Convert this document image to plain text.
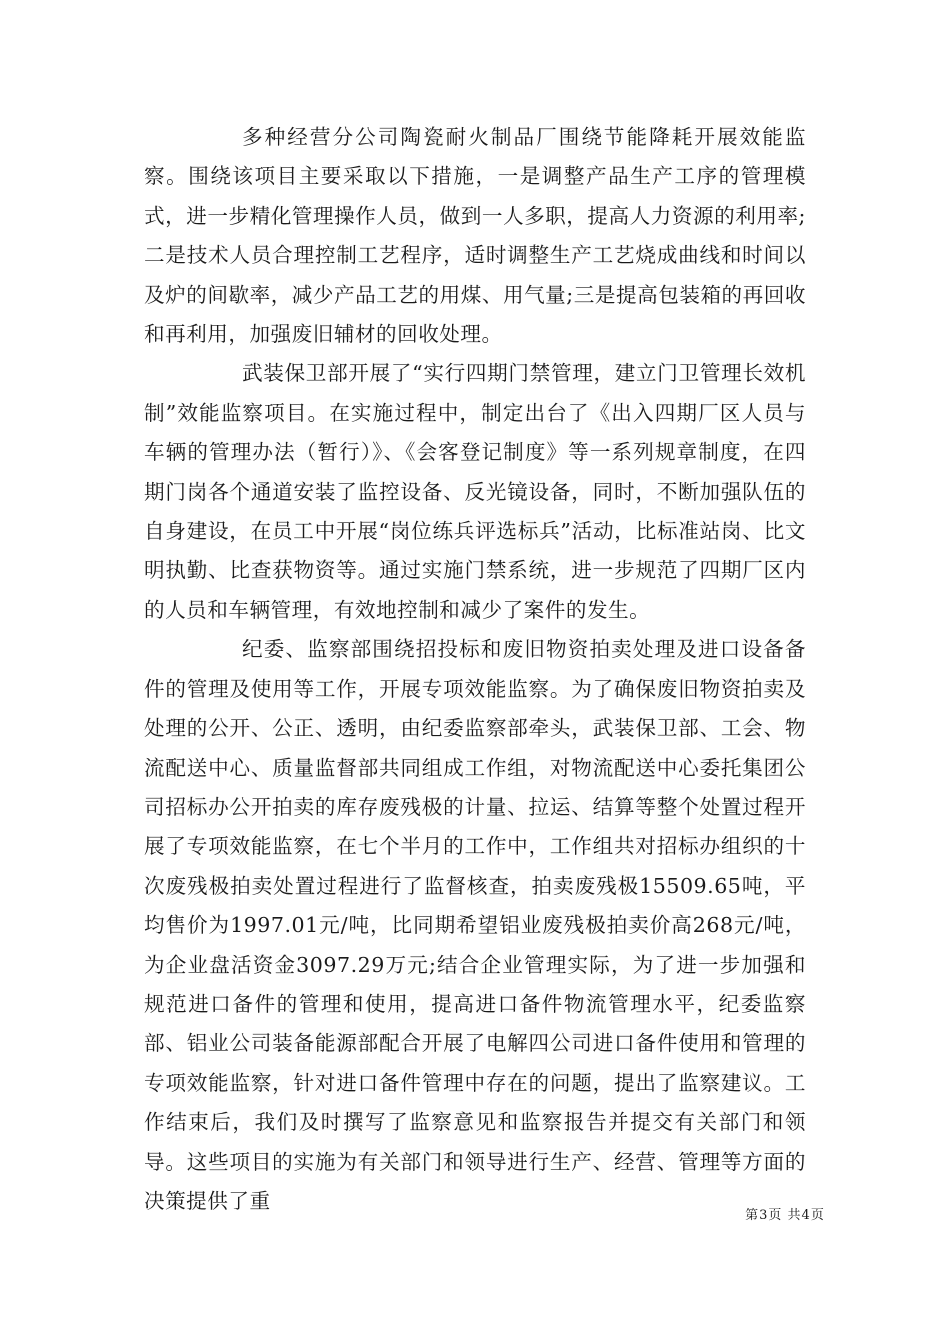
多种经营分公司陶瓷耐火制品厂围绕节能降耗开展效能监察。围绕该项目主要采取以下措施，一是调整产品生产工序的管理模式，进一步精化管理操作人员，做到一人多职，提高人力资源的利用率;二是技术人员合理控制工艺程序，适时调整生产工艺烧成曲线和时间以及炉的间歇率，减少产品工艺的用煤、用气量;三是提高包装箱的再回收和再利用，加强废旧辅材的回收处理。

武装保卫部开展了“实行四期门禁管理，建立门卫管理长效机制”效能监察项目。在实施过程中，制定出台了《出入四期厂区人员与车辆的管理办法（暂行）》、《会客登记制度》等一系列规章制度，在四期门岗各个通道安装了监控设备、反光镜设备，同时，不断加强队伍的自身建设，在员工中开展“岗位练兵评选标兵”活动，比标准站岗、比文明执勤、比查获物资等。通过实施门禁系统，进一步规范了四期厂区内的人员和车辆管理，有效地控制和减少了案件的发生。

纪委、监察部围绕招投标和废旧物资拍卖处理及进口设备备件的管理及使用等工作，开展专项效能监察。为了确保废旧物资拍卖及处理的公开、公正、透明，由纪委监察部牵头，武装保卫部、工会、物流配送中心、质量监督部共同组成工作组，对物流配送中心委托集团公司招标办公开拍卖的库存废残极的计量、拉运、结算等整个处置过程开展了专项效能监察，在七个半月的工作中，工作组共对招标办组织的十次废残极拍卖处置过程进行了监督核查，拍卖废残极15509.65吨，平均售价为1997.01元/吨，比同期希望铝业废残极拍卖价高268元/吨，为企业盘活资金3097.29万元;结合企业管理实际，为了进一步加强和规范进口备件的管理和使用，提高进口备件物流管理水平，纪委监察部、铝业公司装备能源部配合开展了电解四公司进口备件使用和管理的专项效能监察，针对进口备件管理中存在的问题，提出了监察建议。工作结束后，我们及时撰写了监察意见和监察报告并提交有关部门和领导。这些项目的实施为有关部门和领导进行生产、经营、管理等方面的决策提供了重

第3页 共4页
